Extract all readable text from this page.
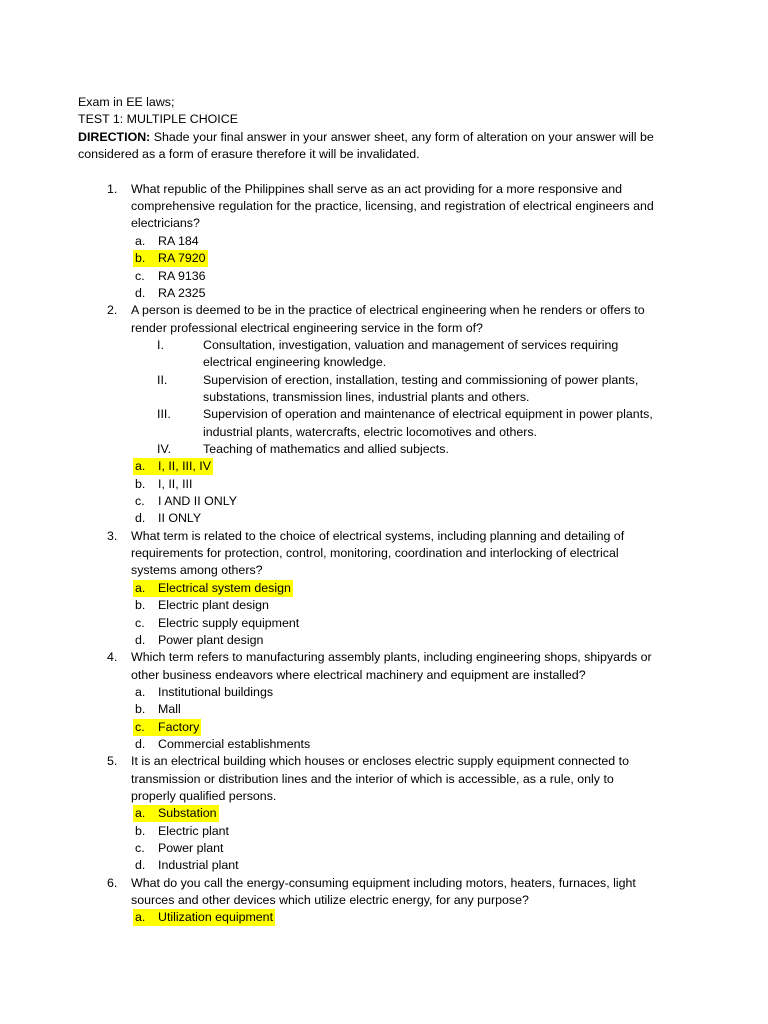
Exam in EE laws;
TEST 1: MULTIPLE CHOICE
DIRECTION: Shade your final answer in your answer sheet, any form of alteration on your answer will be
considered as a form of erasure therefore it will be invalidated.
1. What republic of the Philippines shall serve as an act providing for a more responsive and
comprehensive regulation for the practice, licensing, and registration of electrical engineers and
electricians?
a. RA 184
b. RA 7920
c. RA 9136
d. RA 2325
2. A person is deemed to be in the practice of electrical engineering when he renders or offers to
render professional electrical engineering service in the form of?
I.	Consultation, investigation, valuation and management of services requiring
electrical engineering knowledge.
II.	Supervision of erection, installation, testing and commissioning of power plants,
substations, transmission lines, industrial plants and others.
III.	Supervision of operation and maintenance of electrical equipment in power plants,
industrial plants, watercrafts, electric locomotives and others.
IV.	Teaching of mathematics and allied subjects.
a. I, II, III, IV
b. I, II, III
c. I AND II ONLY
d. II ONLY
3. What term is related to the choice of electrical systems, including planning and detailing of
requirements for protection, control, monitoring, coordination and interlocking of electrical
systems among others?
a. Electrical system design
b. Electric plant design
c. Electric supply equipment
d. Power plant design
4. Which term refers to manufacturing assembly plants, including engineering shops, shipyards or
other business endeavors where electrical machinery and equipment are installed?
a. Institutional buildings
b. Mall
c. Factory
d. Commercial establishments
5. It is an electrical building which houses or encloses electric supply equipment connected to
transmission or distribution lines and the interior of which is accessible, as a rule, only to
properly qualified persons.
a. Substation
b. Electric plant
c. Power plant
d. Industrial plant
6. What do you call the energy-consuming equipment including motors, heaters, furnaces, light
sources and other devices which utilize electric energy, for any purpose?
a. Utilization equipment
